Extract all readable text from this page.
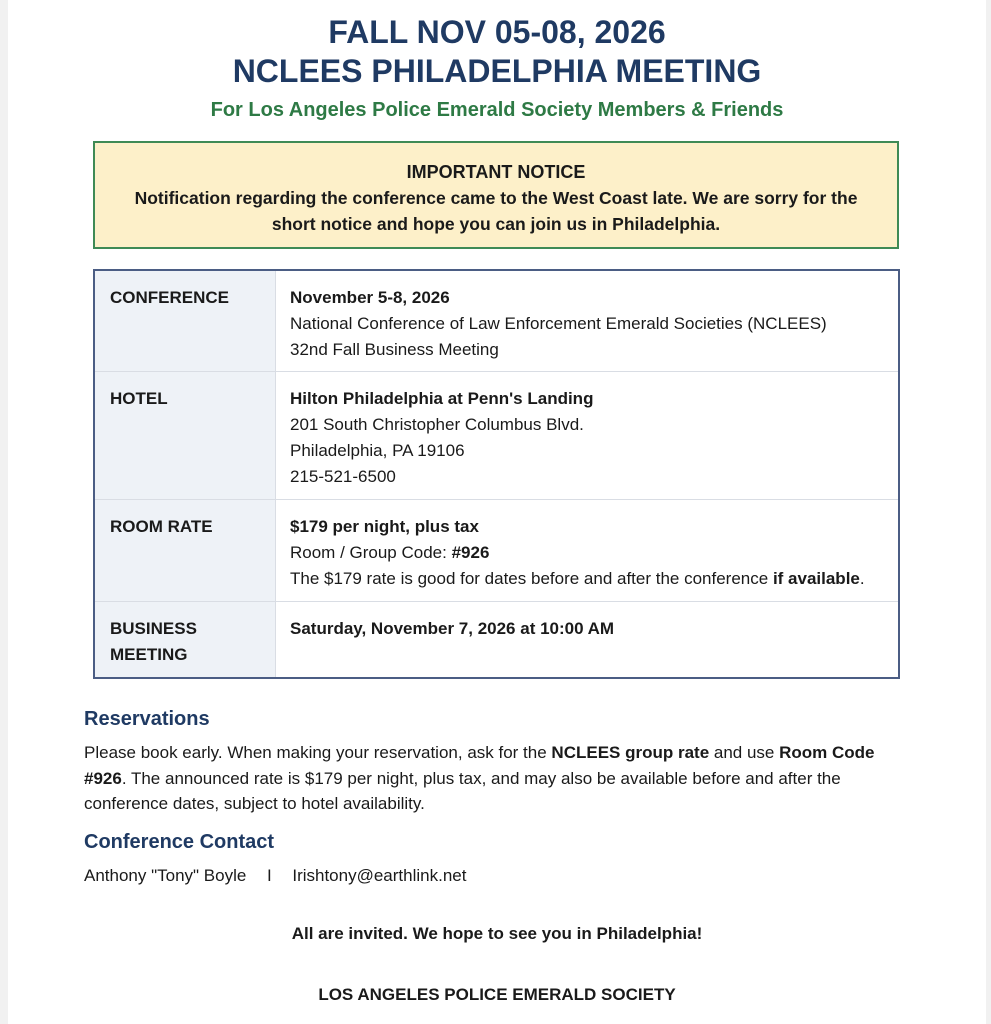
FALL NOV 05-08, 2026
NCLEES PHILADELPHIA MEETING
For Los Angeles Police Emerald Society Members & Friends
IMPORTANT NOTICE
Notification regarding the conference came to the West Coast late. We are sorry for the short notice and hope you can join us in Philadelphia.
CONFERENCE	November 5-8, 2026
National Conference of Law Enforcement Emerald Societies (NCLEES)
32nd Fall Business Meeting

HOTEL	Hilton Philadelphia at Penn's Landing
201 South Christopher Columbus Blvd.
Philadelphia, PA 19106
215-521-6500

ROOM RATE	$179 per night, plus tax
Room / Group Code: #926
The $179 rate is good for dates before and after the conference if available.

BUSINESS
MEETING	Saturday, November 7, 2026 at 10:00 AM
Reservations

Please book early. When making your reservation, ask for the NCLEES group rate and use Room Code #926. The announced rate is $179 per night, plus tax, and may also be available before and after the conference dates, subject to hotel availability.

Conference Contact
Anthony "Tony" Boyle I Irishtony@earthlink.net
All are invited. We hope to see you in Philadelphia!
LOS ANGELES POLICE EMERALD SOCIETY
